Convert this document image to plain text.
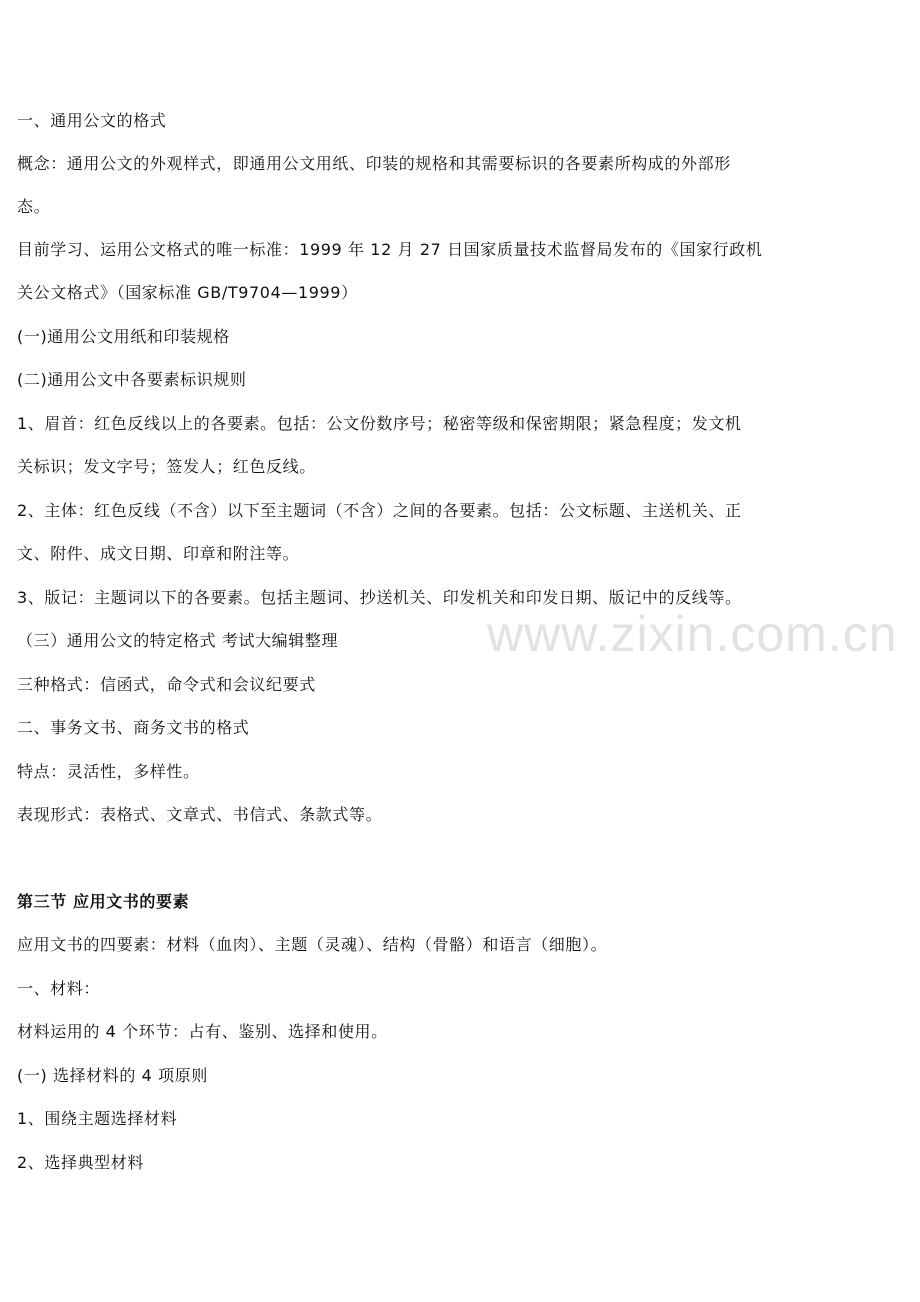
一、通用公文的格式
概念：通用公文的外观样式，即通用公文用纸、印装的规格和其需要标识的各要素所构成的外部形
态。
目前学习、运用公文格式的唯一标准：1999 年 12 月 27 日国家质量技术监督局发布的《国家行政机
关公文格式》（国家标准 GB/T9704—1999）
(一)通用公文用纸和印装规格
(二)通用公文中各要素标识规则
1、眉首：红色反线以上的各要素。包括：公文份数序号；秘密等级和保密期限；紧急程度；发文机
关标识；发文字号；签发人；红色反线。
2、主体：红色反线（不含）以下至主题词（不含）之间的各要素。包括：公文标题、主送机关、正
文、附件、成文日期、印章和附注等。
3、版记：主题词以下的各要素。包括主题词、抄送机关、印发机关和印发日期、版记中的反线等。
（三）通用公文的特定格式 考试大编辑整理
三种格式：信函式，命令式和会议纪要式
二、事务文书、商务文书的格式
特点：灵活性，多样性。
表现形式：表格式、文章式、书信式、条款式等。
第三节 应用文书的要素
应用文书的四要素：材料（血肉）、主题（灵魂）、结构（骨骼）和语言（细胞）。
一、材料：
材料运用的 4 个环节：占有、鉴别、选择和使用。
(一) 选择材料的 4 项原则
1、围绕主题选择材料
2、选择典型材料
www.zixin.com.cn
